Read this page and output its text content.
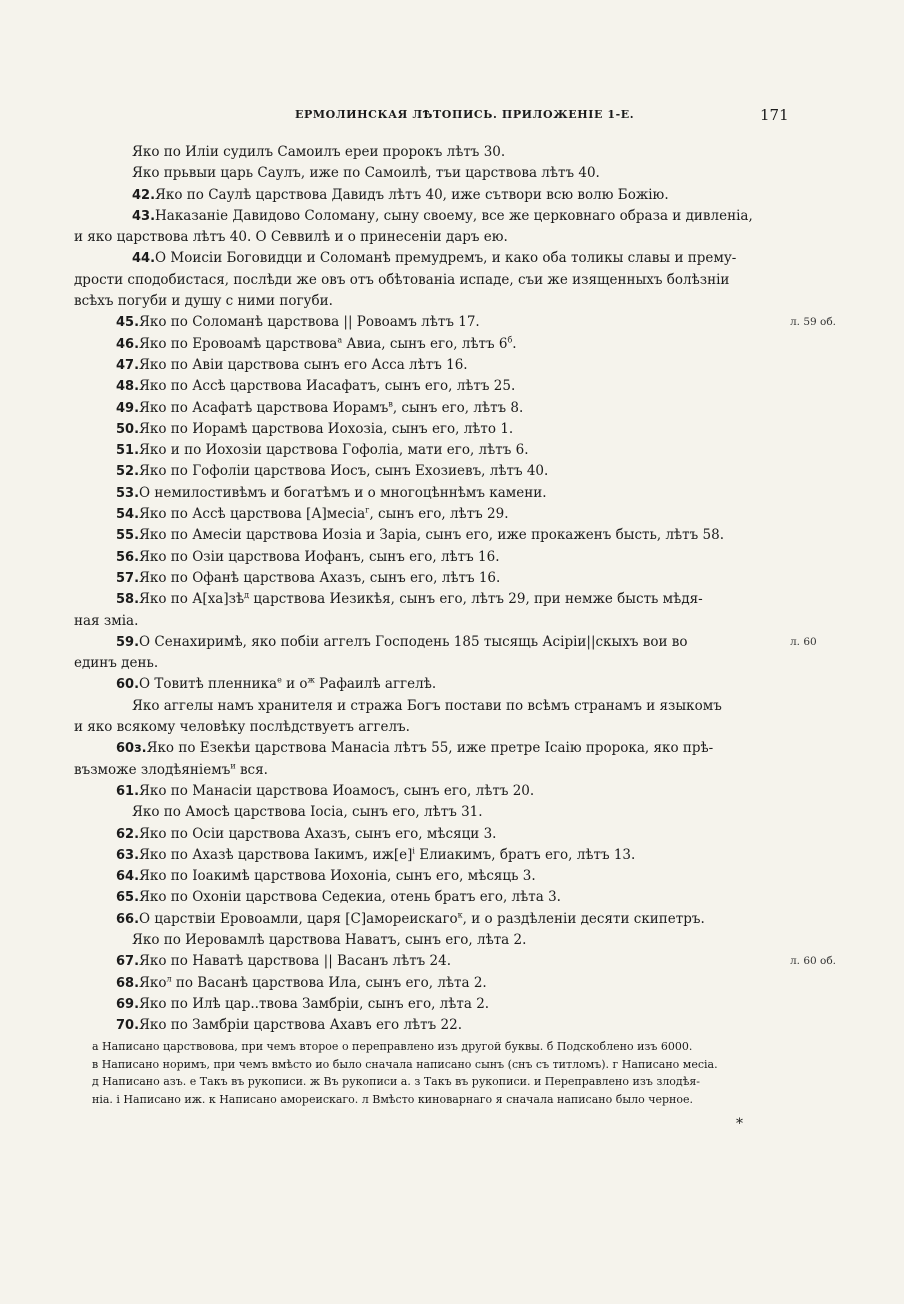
ЕРМОЛИНСКАЯ ЛѢТОПИСЬ. ПРИЛОЖЕНІЕ 1-Е.	171
Яко по Иліи судилъ Самоилъ ереи пророкъ лѣтъ 30.
Яко прьвыи царь Саулъ, иже по Самоилѣ, тъи царствова лѣтъ 40.
42.Яко по Саулѣ царствова Давидъ лѣтъ 40, иже сътвори всю волю Божію.
43.Наказаніе Давидово Соломану, сыну своему, все же церковнаго образа и дивленіа,
и яко царствова лѣтъ 40. О Севвилѣ и о принесеніи даръ ею.
44.О Моисіи Боговидци и Соломанѣ премудремъ, и како оба толикы славы и прему-
дрости сподобистася, послѣди же овъ отъ обѣтованіа испаде, съи же изященныхъ болѣзнiи
всѣхъ погуби и душу с ними погуби.
45.Яко по Соломанѣ царствова || Ровоамъ лѣтъ 17.
46.Яко по Еровоамѣ царствова$^а$ Авиа, сынъ его, лѣтъ $6^б$.
47.Яко по Авіи царствова сынъ его Асса лѣтъ 16.
48.Яко по Ассѣ царствова Иасафатъ, сынъ его, лѣтъ 25.
49.Яко по Асафатѣ царствова Иорамъ$^в$, сынъ его, лѣтъ 8.
50.Яко по Иорамѣ царствова Иохозіа, сынъ его, лѣто 1.
51.Яко и по Иохозіи царствова Гофоліа, мати его, лѣтъ 6.
52.Яко по Гофоліи царствова Иосъ, сынъ Ехозиевъ, лѣтъ 40.
53.О немилостивѣмъ и богатѣмъ и о многоцѣннѣмъ камени.
54.Яко по Ассѣ царствова [А]месіа$^г$, сынъ его, лѣтъ 29.
55.Яко по Амесіи царствова Иозіа и Заріа, сынъ его, иже прокаженъ бысть, лѣтъ 58.
56.Яко по Озіи царствова Иофанъ, сынъ его, лѣтъ 16.
57.Яко по Офанѣ царствова Ахазъ, сынъ его, лѣтъ 16.
58.Яко по $А[ха]зѣ^д$ царствова Иезикѣя, сынъ его, лѣтъ 29, при немже бысть мѣдя-
ная зміа.
59.О Сенахиримѣ, яко побіи аггелъ Господень 185 тысящь Асіріи||скыхъ вои во
единъ день.
60.О Товитѣ пленника$^е$ и $о^ж$ Рафаилѣ аггелѣ.
Яко аггелы намъ хранителя и стража Богъ постави по всѣмъ странамъ и языкомъ
и яко всякому человѣку послѣдствуетъ аггелъ.
60з.Яко по Езекѣи царствова Манасіа лѣтъ 55, иже претре Ісаію пророка, яко прѣ-
възможе злодѣяніемъ$^и$ вся.
61.Яко по Манасіи царствова Иоамосъ, сынъ его, лѣтъ 20.
Яко по Амосѣ царствова Іосіа, сынъ его, лѣтъ 31.
62.Яко по Осіи царствова Ахазъ, сынъ его, мѣсяци 3.
63.Яко по Ахазѣ царствова Іакимъ, $иж[е]^і$ Елиакимъ, братъ его, лѣтъ 13.
64.Яко по Іоакимѣ царствова Иохоніа, сынъ его, мѣсяць 3.
65.Яко по Охоніи царствова Седекиа, отень братъ его, лѣта 3.
66.О царствіи Еровоамли, царя [С]амореискаго$^к$, и о раздѣленіи десяти скипетръ.
Яко по Иеровамлѣ царствова Наватъ, сынъ его, лѣта 2.
67.Яко по Наватѣ царствова || Васанъ лѣтъ 24.
68.Яко$^л$ по Васанѣ царствова Ила, сынъ его, лѣта 2.
69.Яко по Илѣ цар..твова Замбріи, сынъ его, лѣта 2.
70.Яко по Замбріи царствова Ахавъ его лѣтъ 22.
а Написано царствововa, при чемъ второе о переправлено изъ другой буквы. б Подскоблено изъ 6000.
в Написано норимъ, при чемъ вмѣсто ио было сначала написано сынъ (снъ съ титломъ). г Написано месіа.
д Написано азъ. е Такъ въ рукописи. ж Въ рукописи а. з Такъ въ рукописи. и Переправлено изъ злодѣя-
ніа. і Написано иж. к Написано амореискаго. л Вмѣсто киноварнаго я сначала написано было черное.
*
л. 59 об.
л. 60
л. 60 об.
